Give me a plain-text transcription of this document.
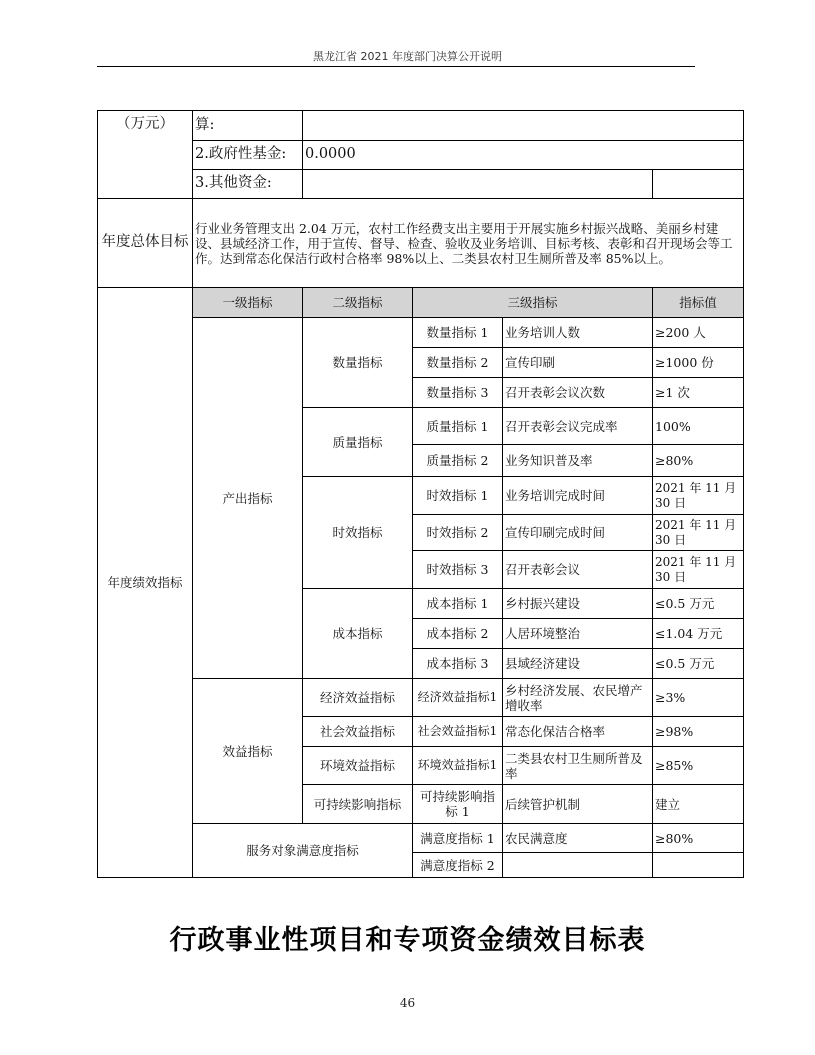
黑龙江省 2021 年度部门决算公开说明
（万元）	算:				
	2.政府性基金:	0.0000			
	3.其他资金:				
年度总体目标	行业业务管理支出 2.04 万元，农村工作经费支出主要用于开展实施乡村振兴战略、美丽乡村建设、县域经济工作，用于宣传、督导、检查、验收及业务培训、目标考核、表彰和召开现场会等工作。达到常态化保洁行政村合格率 98%以上、二类县农村卫生厕所普及率 85%以上。				
年度绩效指标	一级指标	二级指标	三级指标		指标值
	产出指标	数量指标	数量指标 1	业务培训人数	≥200 人
			数量指标 2	宣传印刷	≥1000 份
			数量指标 3	召开表彰会议次数	≥1 次
		质量指标	质量指标 1	召开表彰会议完成率	100%
			质量指标 2	业务知识普及率	≥80%
		时效指标	时效指标 1	业务培训完成时间	2021 年 11 月 30 日
			时效指标 2	宣传印刷完成时间	2021 年 11 月 30 日
			时效指标 3	召开表彰会议	2021 年 11 月 30 日
		成本指标	成本指标 1	乡村振兴建设	≤0.5 万元
			成本指标 2	人居环境整治	≤1.04 万元
			成本指标 3	县域经济建设	≤0.5 万元
	效益指标	经济效益指标	经济效益指标1	乡村经济发展、农民增产增收率	≥3%
		社会效益指标	社会效益指标1	常态化保洁合格率	≥98%
		环境效益指标	环境效益指标1	二类县农村卫生厕所普及率	≥85%
		可持续影响指标	可持续影响指标 1	后续管护机制	建立
	服务对象满意度指标		满意度指标 1	农民满意度	≥80%
			满意度指标 2		
行政事业性项目和专项资金绩效目标表
46
